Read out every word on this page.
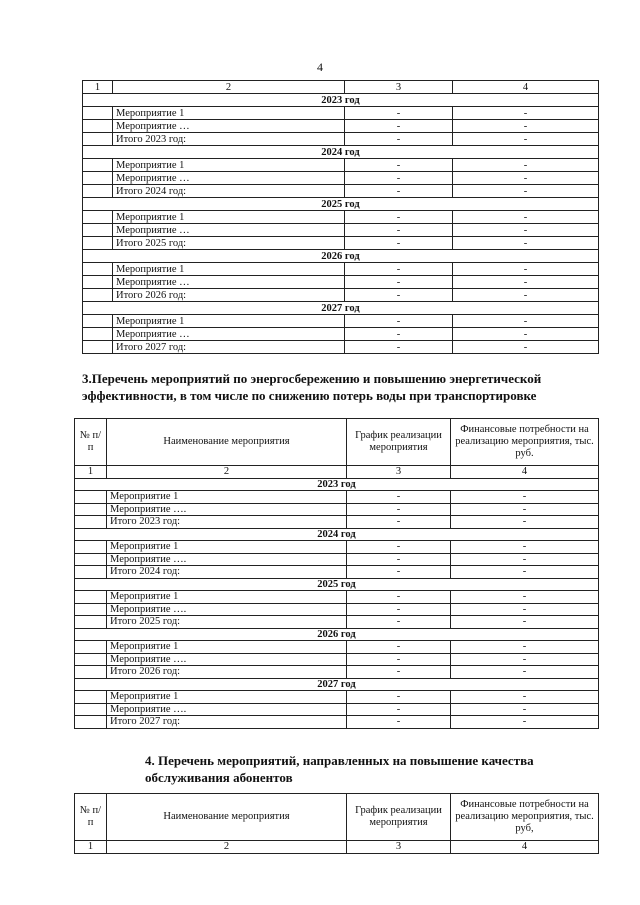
4
1	2	3	4
2023 год			
	Мероприятие 1	-	-
	Мероприятие …	-	-
	Итого 2023 год:	-	-
2024 год			
	Мероприятие 1	-	-
	Мероприятие …	-	-
	Итого 2024 год:	-	-
2025 год			
	Мероприятие 1	-	-
	Мероприятие …	-	-
	Итого 2025 год:	-	-
2026 год			
	Мероприятие 1	-	-
	Мероприятие …	-	-
	Итого 2026 год:	-	-
2027 год			
	Мероприятие 1	-	-
	Мероприятие …	-	-
	Итого 2027 год:	-	-
3.Перечень мероприятий по энергосбережению и повышению энергетической эффективности, в том числе по снижению потерь воды при транспортировке
№ п/п	Наименование мероприятия	График реализации мероприятия	Финансовые потребности на реализацию мероприятия, тыс. руб.
1	2	3	4
2023 год			
	Мероприятие 1	-	-
	Мероприятие ….	-	-
	Итого 2023 год:	-	-
2024 год			
	Мероприятие 1	-	-
	Мероприятие ….	-	-
	Итого 2024 год:	-	-
2025 год			
	Мероприятие 1	-	-
	Мероприятие ….	-	-
	Итого 2025 год:	-	-
2026 год			
	Мероприятие 1	-	-
	Мероприятие ….	-	-
	Итого 2026 год:	-	-
2027 год			
	Мероприятие 1	-	-
	Мероприятие ….	-	-
	Итого 2027 год:	-	-
4. Перечень мероприятий, направленных на повышение качества обслуживания абонентов
№ п/п	Наименование мероприятия	График реализации мероприятия	Финансовые потребности на реализацию мероприятия, тыс. руб,
1	2	3	4
